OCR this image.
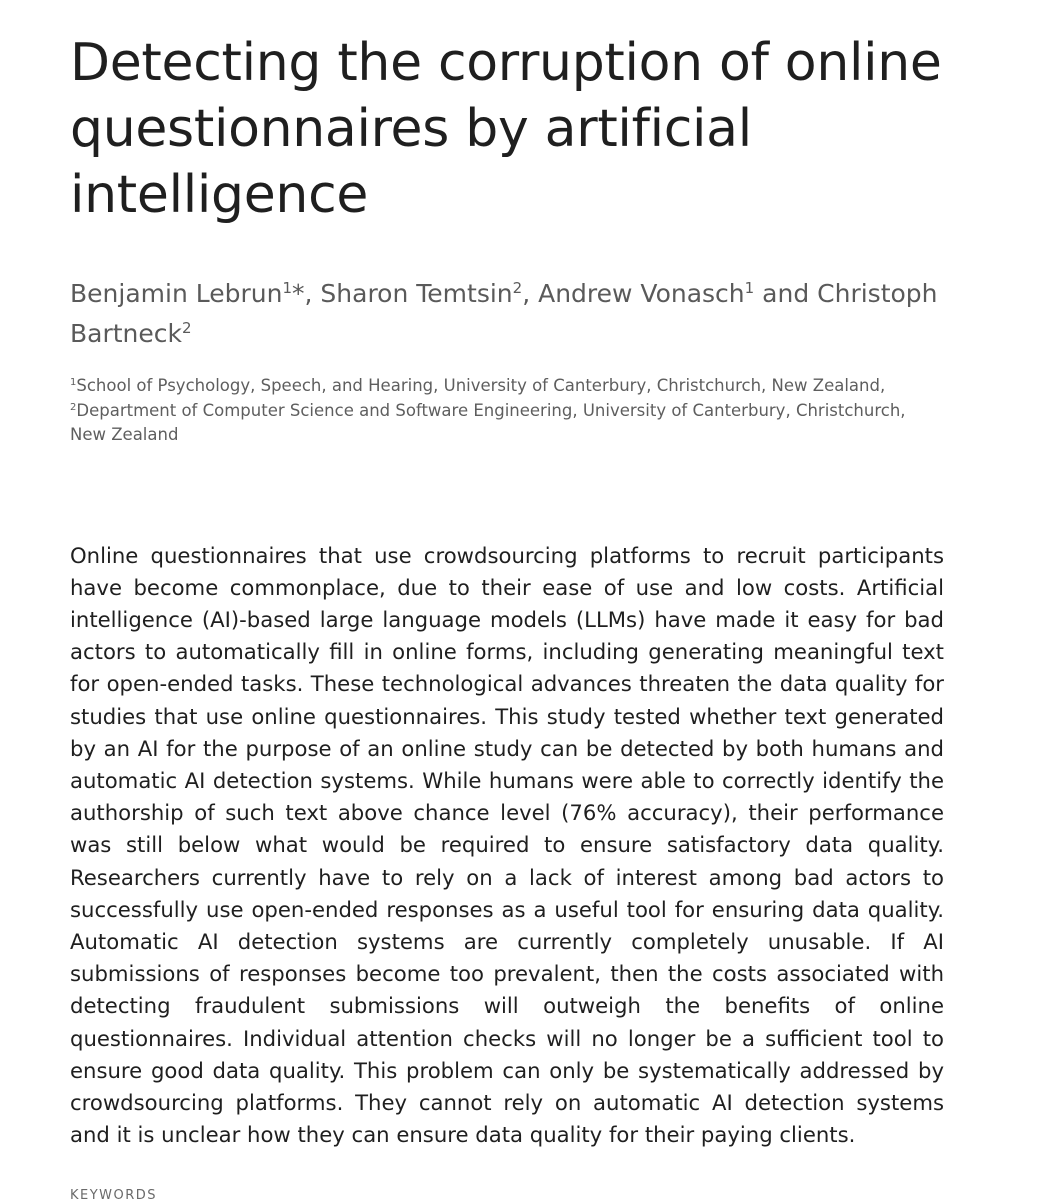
Detecting the corruption of online questionnaires by artificial intelligence
Benjamin Lebrun$^1$*, Sharon Temtsin$^2$, Andrew Vonasch$^1$ and Christoph Bartneck$^2$
$^1$School of Psychology, Speech, and Hearing, University of Canterbury, Christchurch, New Zealand,
$^2$Department of Computer Science and Software Engineering, University of Canterbury, Christchurch, New Zealand

Online questionnaires that use crowdsourcing platforms to recruit participants have become commonplace, due to their ease of use and low costs. Artificial intelligence (AI)-based large language models (LLMs) have made it easy for bad actors to automatically fill in online forms, including generating meaningful text for open-ended tasks. These technological advances threaten the data quality for studies that use online questionnaires. This study tested whether text generated by an AI for the purpose of an online study can be detected by both humans and automatic AI detection systems. While humans were able to correctly identify the authorship of such text above chance level (76% accuracy), their performance was still below what would be required to ensure satisfactory data quality. Researchers currently have to rely on a lack of interest among bad actors to successfully use open-ended responses as a useful tool for ensuring data quality. Automatic AI detection systems are currently completely unusable. If AI submissions of responses become too prevalent, then the costs associated with detecting fraudulent submissions will outweigh the benefits of online questionnaires. Individual attention checks will no longer be a sufficient tool to ensure good data quality. This problem can only be systematically addressed by crowdsourcing platforms. They cannot rely on automatic AI detection systems and it is unclear how they can ensure data quality for their paying clients.

KEYWORDS
